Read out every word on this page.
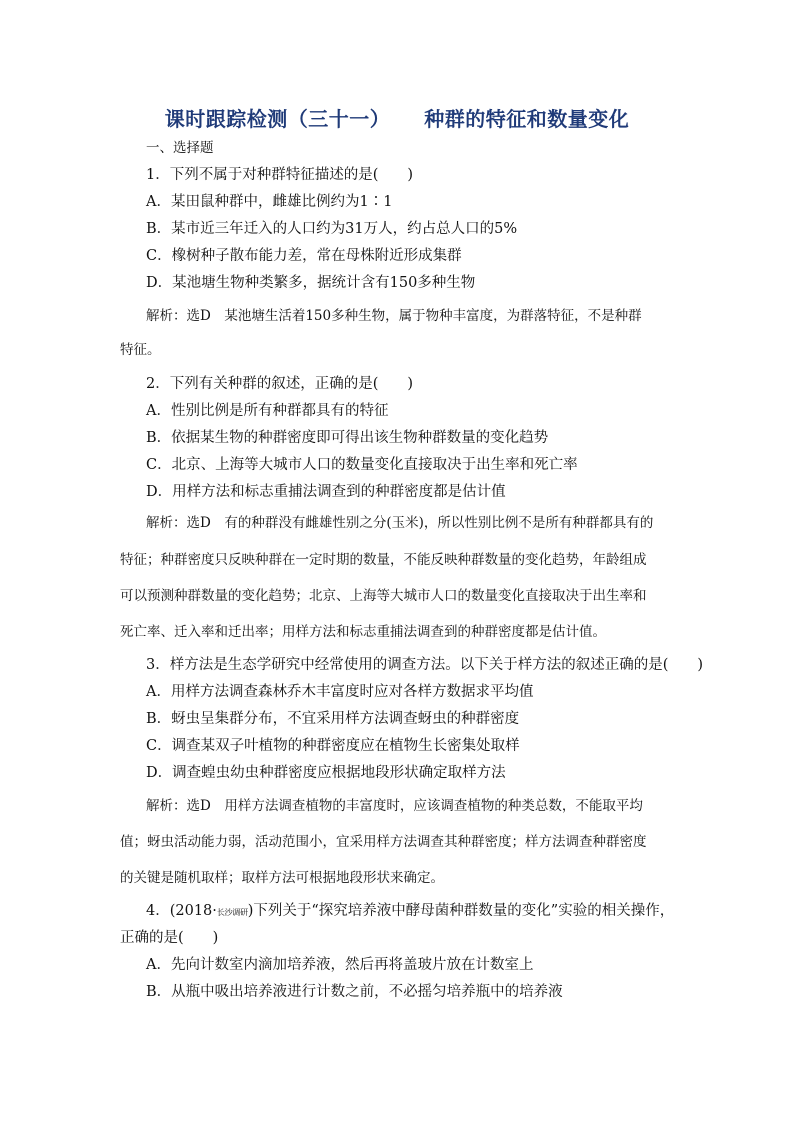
课时跟踪检测（三十一） 种群的特征和数量变化
一、选择题
1．下列不属于对种群特征描述的是(　　)
A．某田鼠种群中，雌雄比例约为1∶1
B．某市近三年迁入的人口约为31万人，约占总人口的5%
C．橡树种子散布能力差，常在母株附近形成集群
D．某池塘生物种类繁多，据统计含有150多种生物
解析：选D　某池塘生活着150多种生物，属于物种丰富度，为群落特征，不是种群
特征。
2．下列有关种群的叙述，正确的是(　　)
A．性别比例是所有种群都具有的特征
B．依据某生物的种群密度即可得出该生物种群数量的变化趋势
C．北京、上海等大城市人口的数量变化直接取决于出生率和死亡率
D．用样方法和标志重捕法调查到的种群密度都是估计值
解析：选D　有的种群没有雌雄性别之分(玉米)，所以性别比例不是所有种群都具有的
特征；种群密度只反映种群在一定时期的数量，不能反映种群数量的变化趋势，年龄组成
可以预测种群数量的变化趋势；北京、上海等大城市人口的数量变化直接取决于出生率和
死亡率、迁入率和迁出率；用样方法和标志重捕法调查到的种群密度都是估计值。
3．样方法是生态学研究中经常使用的调查方法。以下关于样方法的叙述正确的是(　　)
A．用样方法调查森林乔木丰富度时应对各样方数据求平均值
B．蚜虫呈集群分布，不宜采用样方法调查蚜虫的种群密度
C．调查某双子叶植物的种群密度应在植物生长密集处取样
D．调查蝗虫幼虫种群密度应根据地段形状确定取样方法
解析：选D　用样方法调查植物的丰富度时，应该调查植物的种类总数，不能取平均
值；蚜虫活动能力弱，活动范围小，宜采用样方法调查其种群密度；样方法调查种群密度
的关键是随机取样；取样方法可根据地段形状来确定。
4．(2018·长沙调研)下列关于“探究培养液中酵母菌种群数量的变化”实验的相关操作，
正确的是(　　)
A．先向计数室内滴加培养液，然后再将盖玻片放在计数室上
B．从瓶中吸出培养液进行计数之前，不必摇匀培养瓶中的培养液
